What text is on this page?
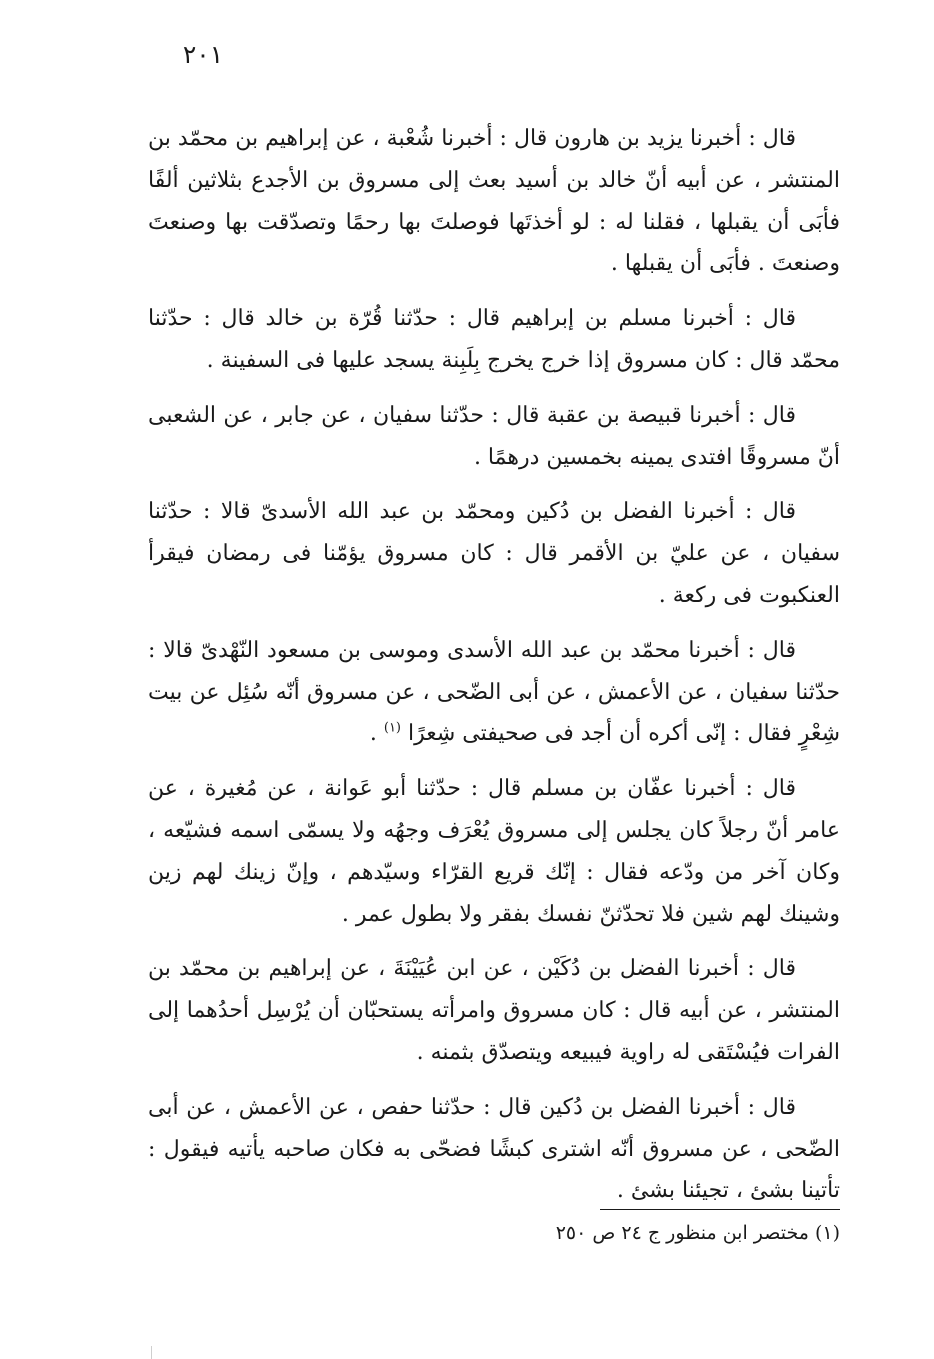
٢٠١

قال : أخبرنا يزيد بن هارون قال : أخبرنا شُعْبة ، عن إبراهيم بن محمّد بن المنتشر ، عن أبيه أنّ خالد بن أسيد بعث إلى مسروق بن الأجدع بثلاثين ألفًا فأبَى أن يقبلها ، فقلنا له : لو أخذتَها فوصلتَ بها رحمًا وتصدّقت بها وصنعتَ وصنعتَ . فأبَى أن يقبلها .

قال : أخبرنا مسلم بن إبراهيم قال : حدّثنا قُرّة بن خالد قال : حدّثنا محمّد قال : كان مسروق إذا خرج يخرج بِلَبِنة يسجد عليها فى السفينة .

قال : أخبرنا قبيصة بن عقبة قال : حدّثنا سفيان ، عن جابر ، عن الشعبى أنّ مسروقًا افتدى يمينه بخمسين درهمًا .

قال : أخبرنا الفضل بن دُكين ومحمّد بن عبد الله الأسدىّ قالا : حدّثنا سفيان ، عن عليّ بن الأقمر قال : كان مسروق يؤمّنا فى رمضان فيقرأ العنكبوت فى ركعة .

قال : أخبرنا محمّد بن عبد الله الأسدى وموسى بن مسعود النّهْدىّ قالا : حدّثنا سفيان ، عن الأعمش ، عن أبى الضّحى ، عن مسروق أنّه سُئِل عن بيت شِعْرٍ فقال : إنّى أكره أن أجد فى صحيفتى شِعرًا $^{(١)}$ .

قال : أخبرنا عفّان بن مسلم قال : حدّثنا أبو عَوانة ، عن مُغيرة ، عن عامر أنّ رجلاً كان يجلس إلى مسروق يُعْرَف وجهُه ولا يسمّى اسمه فشيّعه ، وكان آخر من ودّعه فقال : إنّك قريع القرّاء وسيّدهم ، وإنّ زينك لهم زين وشينك لهم شين فلا تحدّثنّ نفسك بفقر ولا بطول عمر .

قال : أخبرنا الفضل بن دُكَيْن ، عن ابن عُيَيْنَةَ ، عن إبراهيم بن محمّد بن المنتشر ، عن أبيه قال : كان مسروق وامرأته يستحبّان أن يُرْسِل أحدُهما إلى الفرات فيُسْتَقى له راوية فيبيعه ويتصدّق بثمنه .

قال : أخبرنا الفضل بن دُكين قال : حدّثنا حفص ، عن الأعمش ، عن أبى الضّحى ، عن مسروق أنّه اشترى كبشًا فضحّى به فكان صاحبه يأتيه فيقول : تأتينا بشئ ، تجيئنا بشئ .

(١) مختصر ابن منظور ج ٢٤ ص ٢٥٠
